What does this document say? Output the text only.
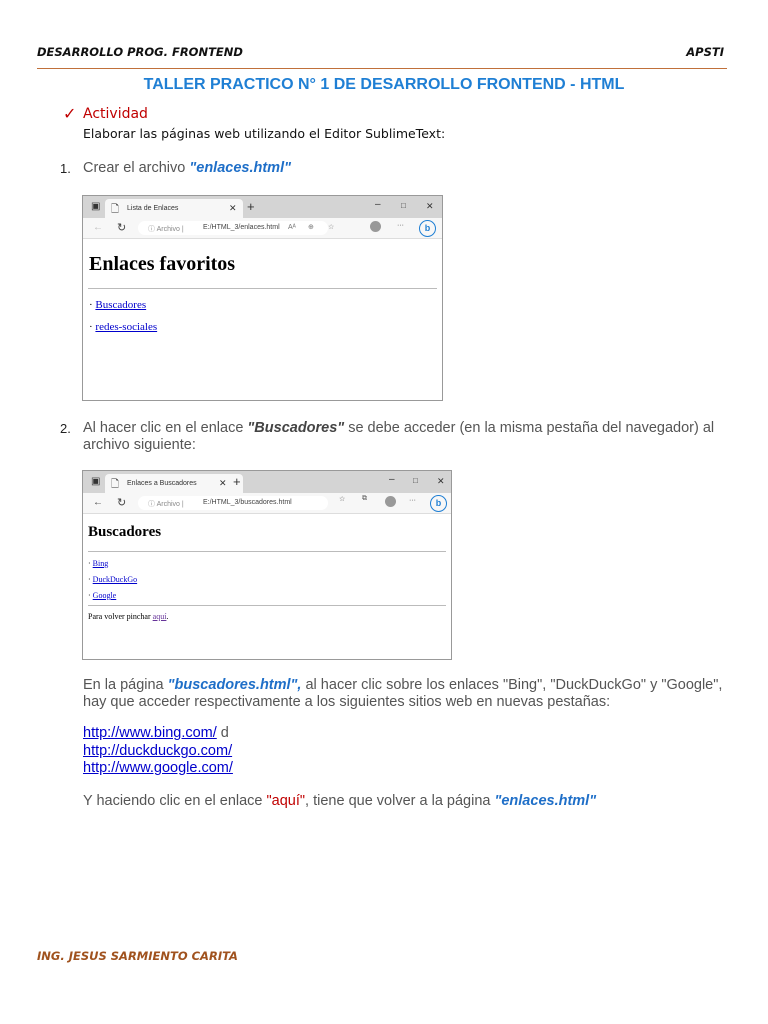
DESARROLLO PROG. FRONTEND	APSTI
TALLER PRACTICO N° 1 DE DESARROLLO FRONTEND - HTML
✓ Actividad
Elaborar las páginas web utilizando el Editor SublimeText:
1. Crear el archivo "enlaces.html"
▣ 🗋 Lista de Enlaces	✕ +	–	□ ✕
← ↻	ⓘ Archivo |	E:/HTML_3/enlaces.html A᠎ᴬ ⊕ ☆	···	b
Enlaces favoritos
· Buscadores
· redes-sociales
2. Al hacer clic en el enlace "Buscadores" se debe acceder (en la misma pestaña del navegador) al
archivo siguiente:
▣ 🗋 Enlaces a Buscadores ✕ +	– □ ✕
← ↻	ⓘ Archivo |	E:/HTML_3/buscadores.html	☆ ⧉	···	b
Buscadores
· Bing
· DuckDuckGo
· Google
Para volver pinchar aquí.
En la página "buscadores.html", al hacer clic sobre los enlaces "Bing", "DuckDuckGo" y "Google",
hay que acceder respectivamente a los siguientes sitios web en nuevas pestañas:
http://www.bing.com/ d
http://duckduckgo.com/
http://www.google.com/
Y haciendo clic en el enlace "aquí", tiene que volver a la página "enlaces.html"
ING. JESUS SARMIENTO CARITA
